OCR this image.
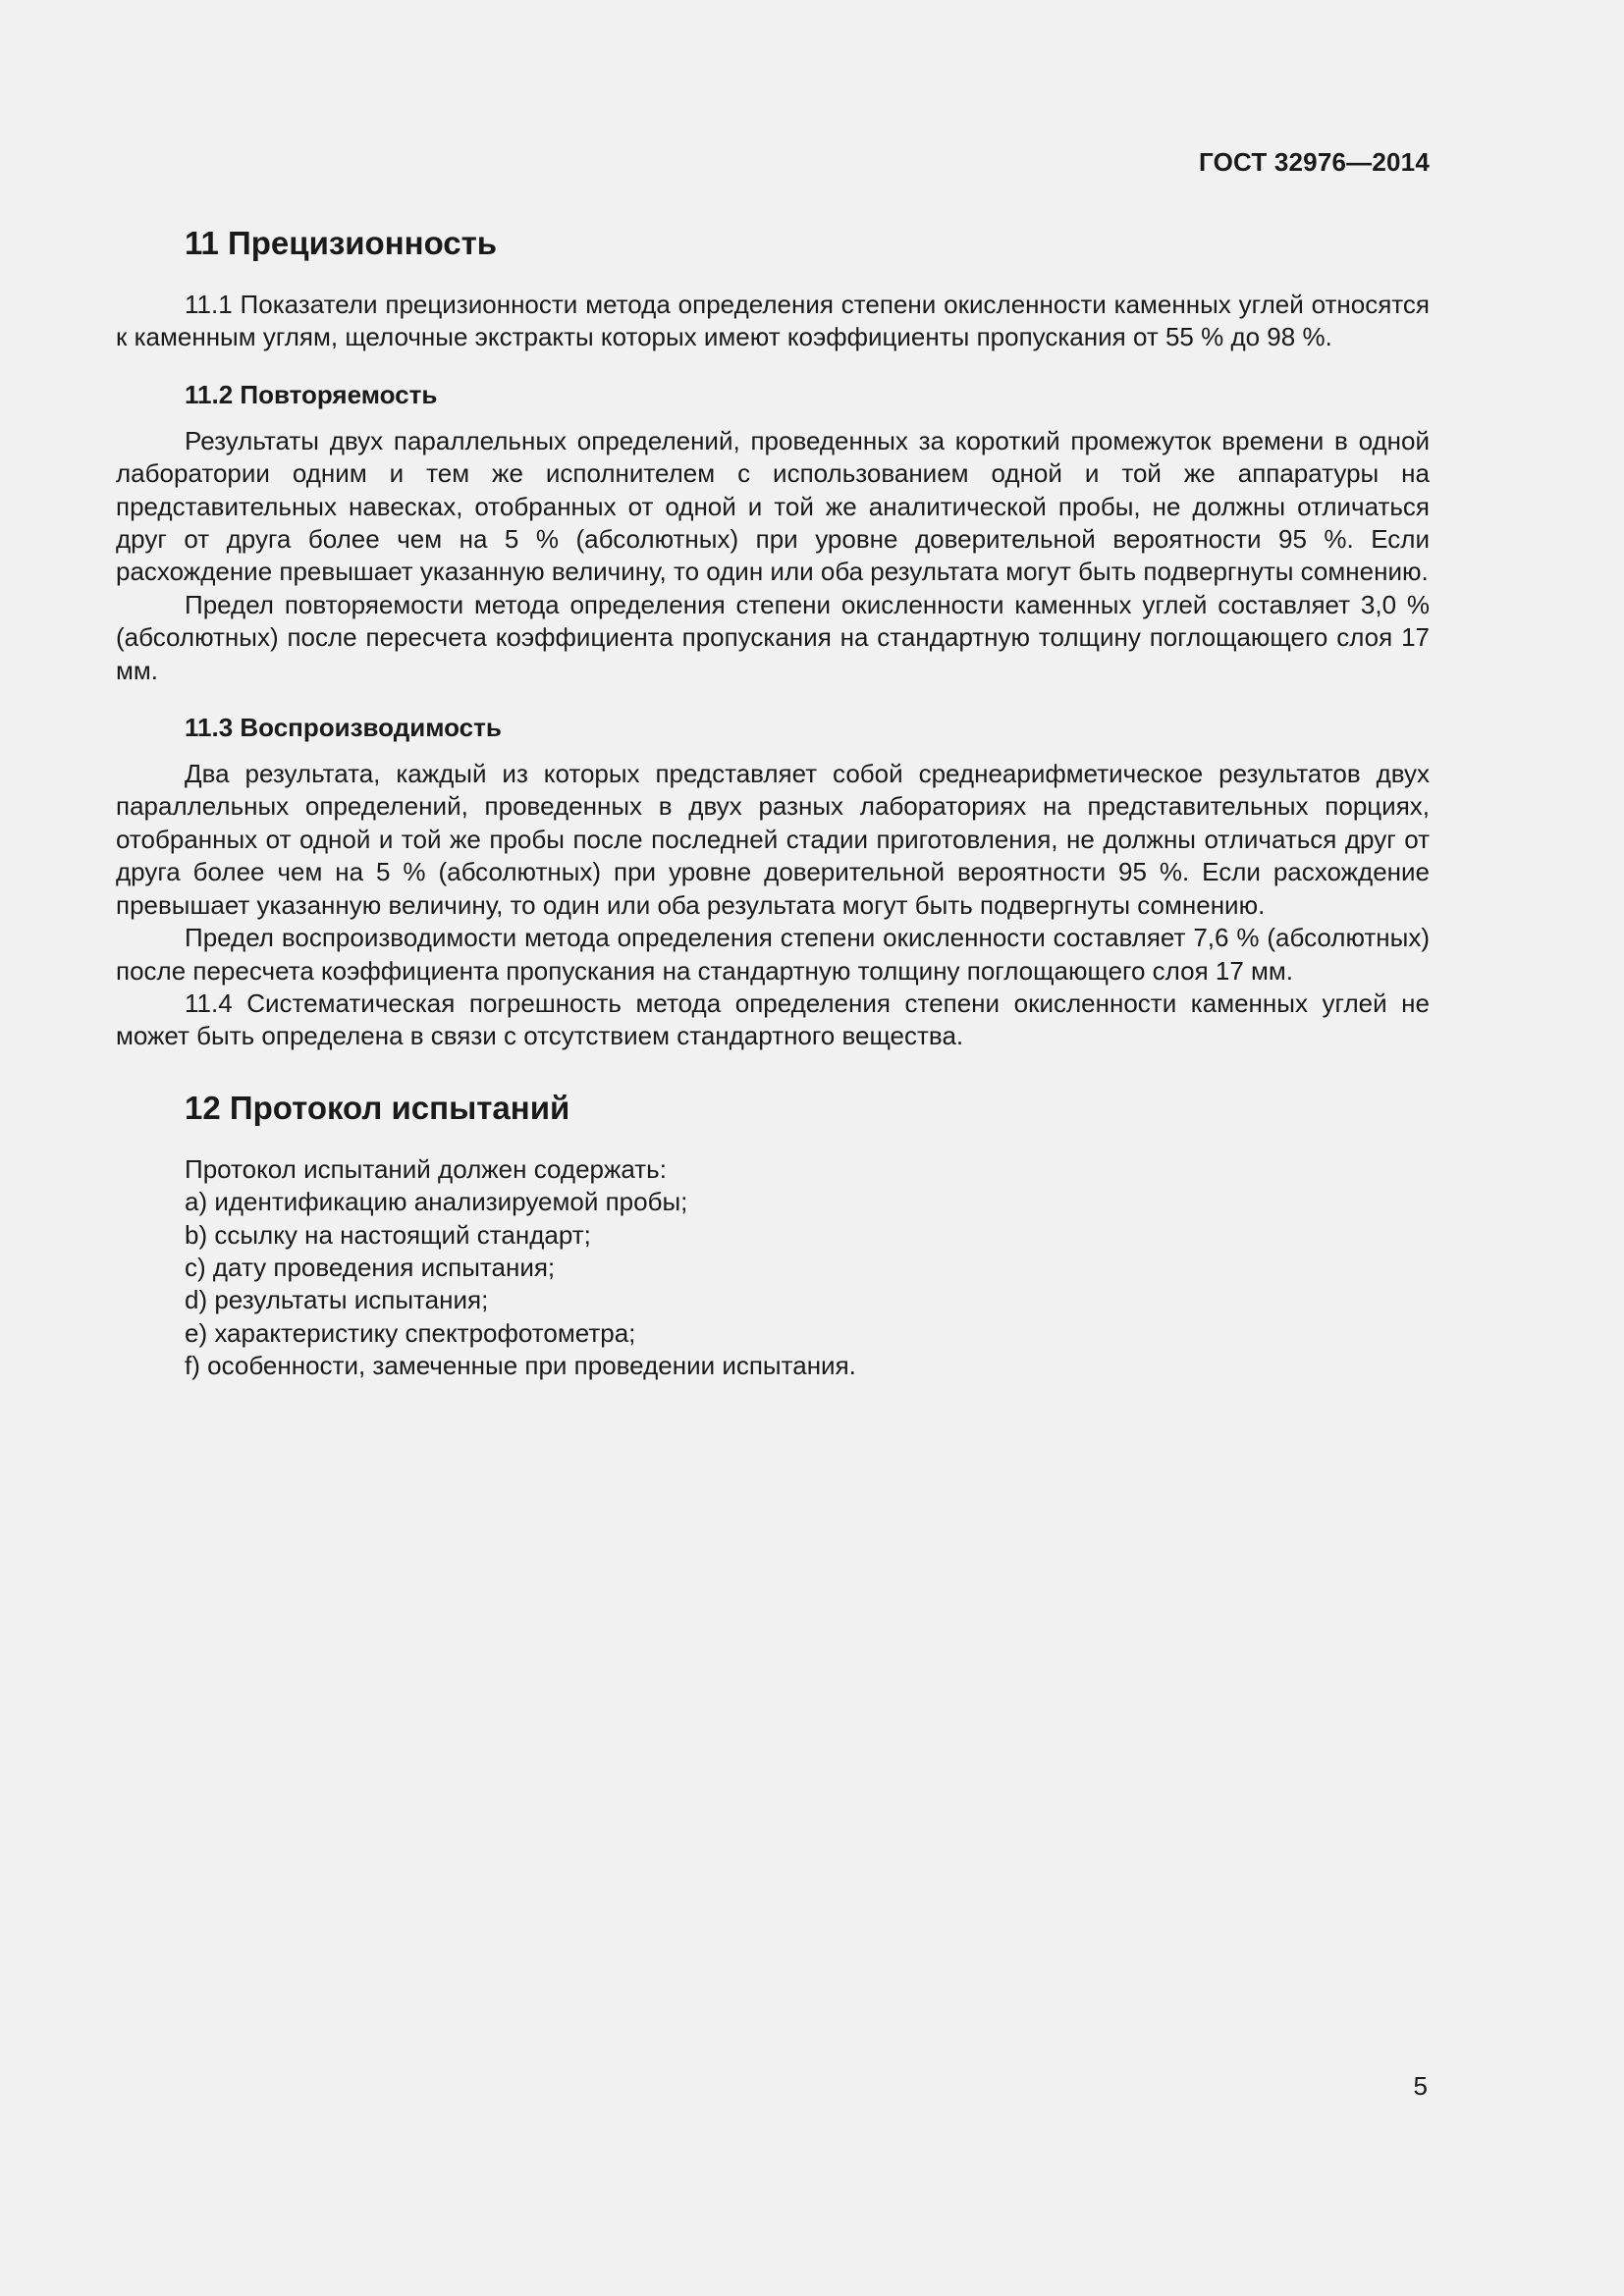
ГОСТ 32976—2014
11 Прецизионность

11.1 Показатели прецизионности метода определения степени окисленности каменных углей относятся к каменным углям, щелочные экстракты которых имеют коэффициенты пропускания от 55 % до 98 %.

11.2 Повторяемость

Результаты двух параллельных определений, проведенных за короткий промежуток времени в одной лаборатории одним и тем же исполнителем с использованием одной и той же аппаратуры на представительных навесках, отобранных от одной и той же аналитической пробы, не должны отличаться друг от друга более чем на 5 % (абсолютных) при уровне доверительной вероятности 95 %. Если расхождение превышает указанную величину, то один или оба результата могут быть подвергнуты сомнению.

Предел повторяемости метода определения степени окисленности каменных углей составляет 3,0 % (абсолютных) после пересчета коэффициента пропускания на стандартную толщину поглощающего слоя 17 мм.

11.3 Воспроизводимость

Два результата, каждый из которых представляет собой среднеарифметическое результатов двух параллельных определений, проведенных в двух разных лабораториях на представительных порциях, отобранных от одной и той же пробы после последней стадии приготовления, не должны отличаться друг от друга более чем на 5 % (абсолютных) при уровне доверительной вероятности 95 %. Если расхождение превышает указанную величину, то один или оба результата могут быть подвергнуты сомнению.

Предел воспроизводимости метода определения степени окисленности составляет 7,6 % (абсолютных) после пересчета коэффициента пропускания на стандартную толщину поглощающего слоя 17 мм.

11.4 Систематическая погрешность метода определения степени окисленности каменных углей не может быть определена в связи с отсутствием стандартного вещества.

12 Протокол испытаний
Протокол испытаний должен содержать:
a) идентификацию анализируемой пробы;
b) ссылку на настоящий стандарт;
c) дату проведения испытания;
d) результаты испытания;
e) характеристику спектрофотометра;
f) особенности, замеченные при проведении испытания.
5
